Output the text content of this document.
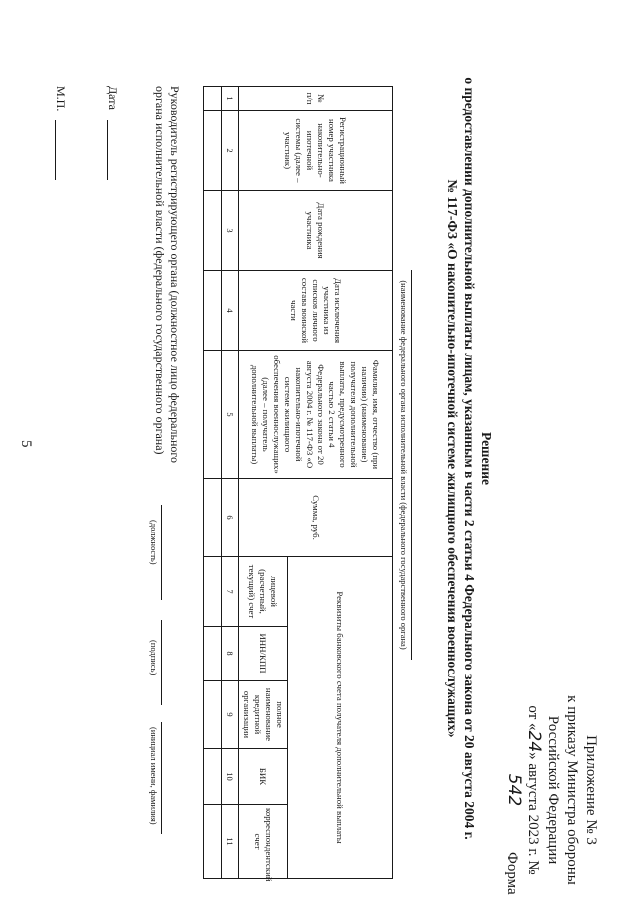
5
Приложение № 3
к приказу Министра обороны
Российской Федерации
от «24» августа 2023 г. № 542
Форма
Решение
о предоставлении дополнительной выплаты лицам, указанным в части 2 статьи 4 Федерального закона от 20 августа 2004 г.
№ 117-ФЗ «О накопительно-ипотечной системе жилищного обеспечения военнослужащих»
(наименование федерального органа исполнительной власти (федерального государственного органа)
№ п/п	Регистрационный номер участника накопительно-ипотечной системы (далее – участник)	Дата рождения участника	Дата исключения участника из списков личного состава воинской части	Фамилия, имя, отчество (при наличии) (наименование) получателя дополнительной выплаты, предусмотренного частью 2 статьи 4 Федерального закона от 20 августа 2004 г. № 117-ФЗ «О накопительно-ипотечной системе жилищного обеспечения военнослужащих» (далее – получатель дополнительной выплаты)	Сумма, руб.	Реквизиты банковского счета получателя дополнительной выплаты				
						лицевой (расчетный, текущий) счет	ИНН/КПП	полное наименование кредитной организации	БИК	корреспондентский счет
1	2	3	4	5	6	7	8	9	10	11

Руководитель регистрирующего органа (должностное лицо федерального
органа исполнительной власти (федерального государственного органа)
(должность)
(подпись)
(инициал имени, фамилия)
Дата
М.П.
